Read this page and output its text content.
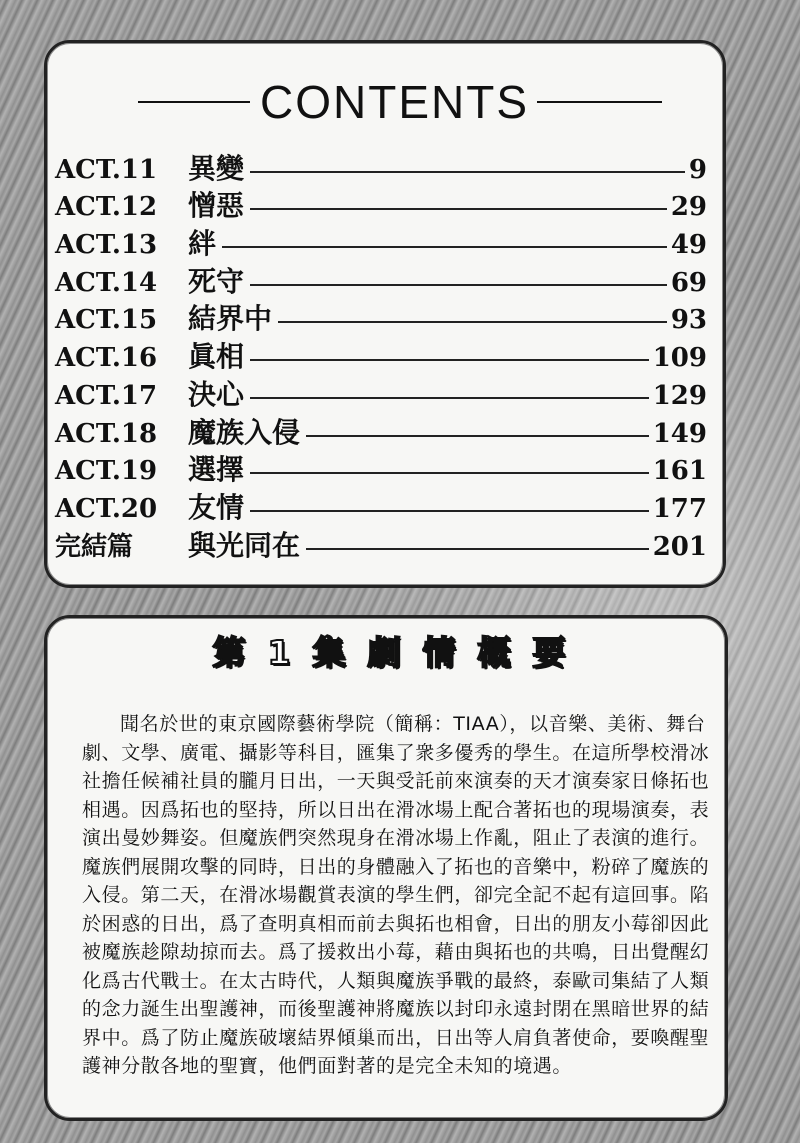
CONTENTS
ACT.11	異變	9
ACT.12	憎惡	29
ACT.13	絆	49
ACT.14	死守	69
ACT.15	結界中	93
ACT.16	眞相	109
ACT.17	決心	129
ACT.18	魔族入侵	149
ACT.19	選擇	161
ACT.20	友情	177
完結篇	與光同在	201
第1集劇情概要

聞名於世的東京國際藝術學院（簡稱：TIAA），以音樂、美術、舞台劇、文學、廣電、攝影等科目，匯集了衆多優秀的學生。在這所學校滑冰社擔任候補社員的朧月日出，一天與受託前來演奏的天才演奏家日條拓也相遇。因爲拓也的堅持，所以日出在滑冰場上配合著拓也的現場演奏，表演出曼妙舞姿。但魔族們突然現身在滑冰場上作亂，阻止了表演的進行。魔族們展開攻擊的同時，日出的身體融入了拓也的音樂中，粉碎了魔族的入侵。第二天，在滑冰場觀賞表演的學生們，卻完全記不起有這回事。陷於困惑的日出，爲了查明真相而前去與拓也相會，日出的朋友小莓卻因此被魔族趁隙劫掠而去。爲了援救出小莓，藉由與拓也的共鳴，日出覺醒幻化爲古代戰士。在太古時代，人類與魔族爭戰的最終，泰歐司集結了人類的念力誕生出聖護神，而後聖護神將魔族以封印永遠封閉在黑暗世界的結界中。爲了防止魔族破壞結界傾巢而出，日出等人肩負著使命，要喚醒聖護神分散各地的聖寶，他們面對著的是完全未知的境遇。
